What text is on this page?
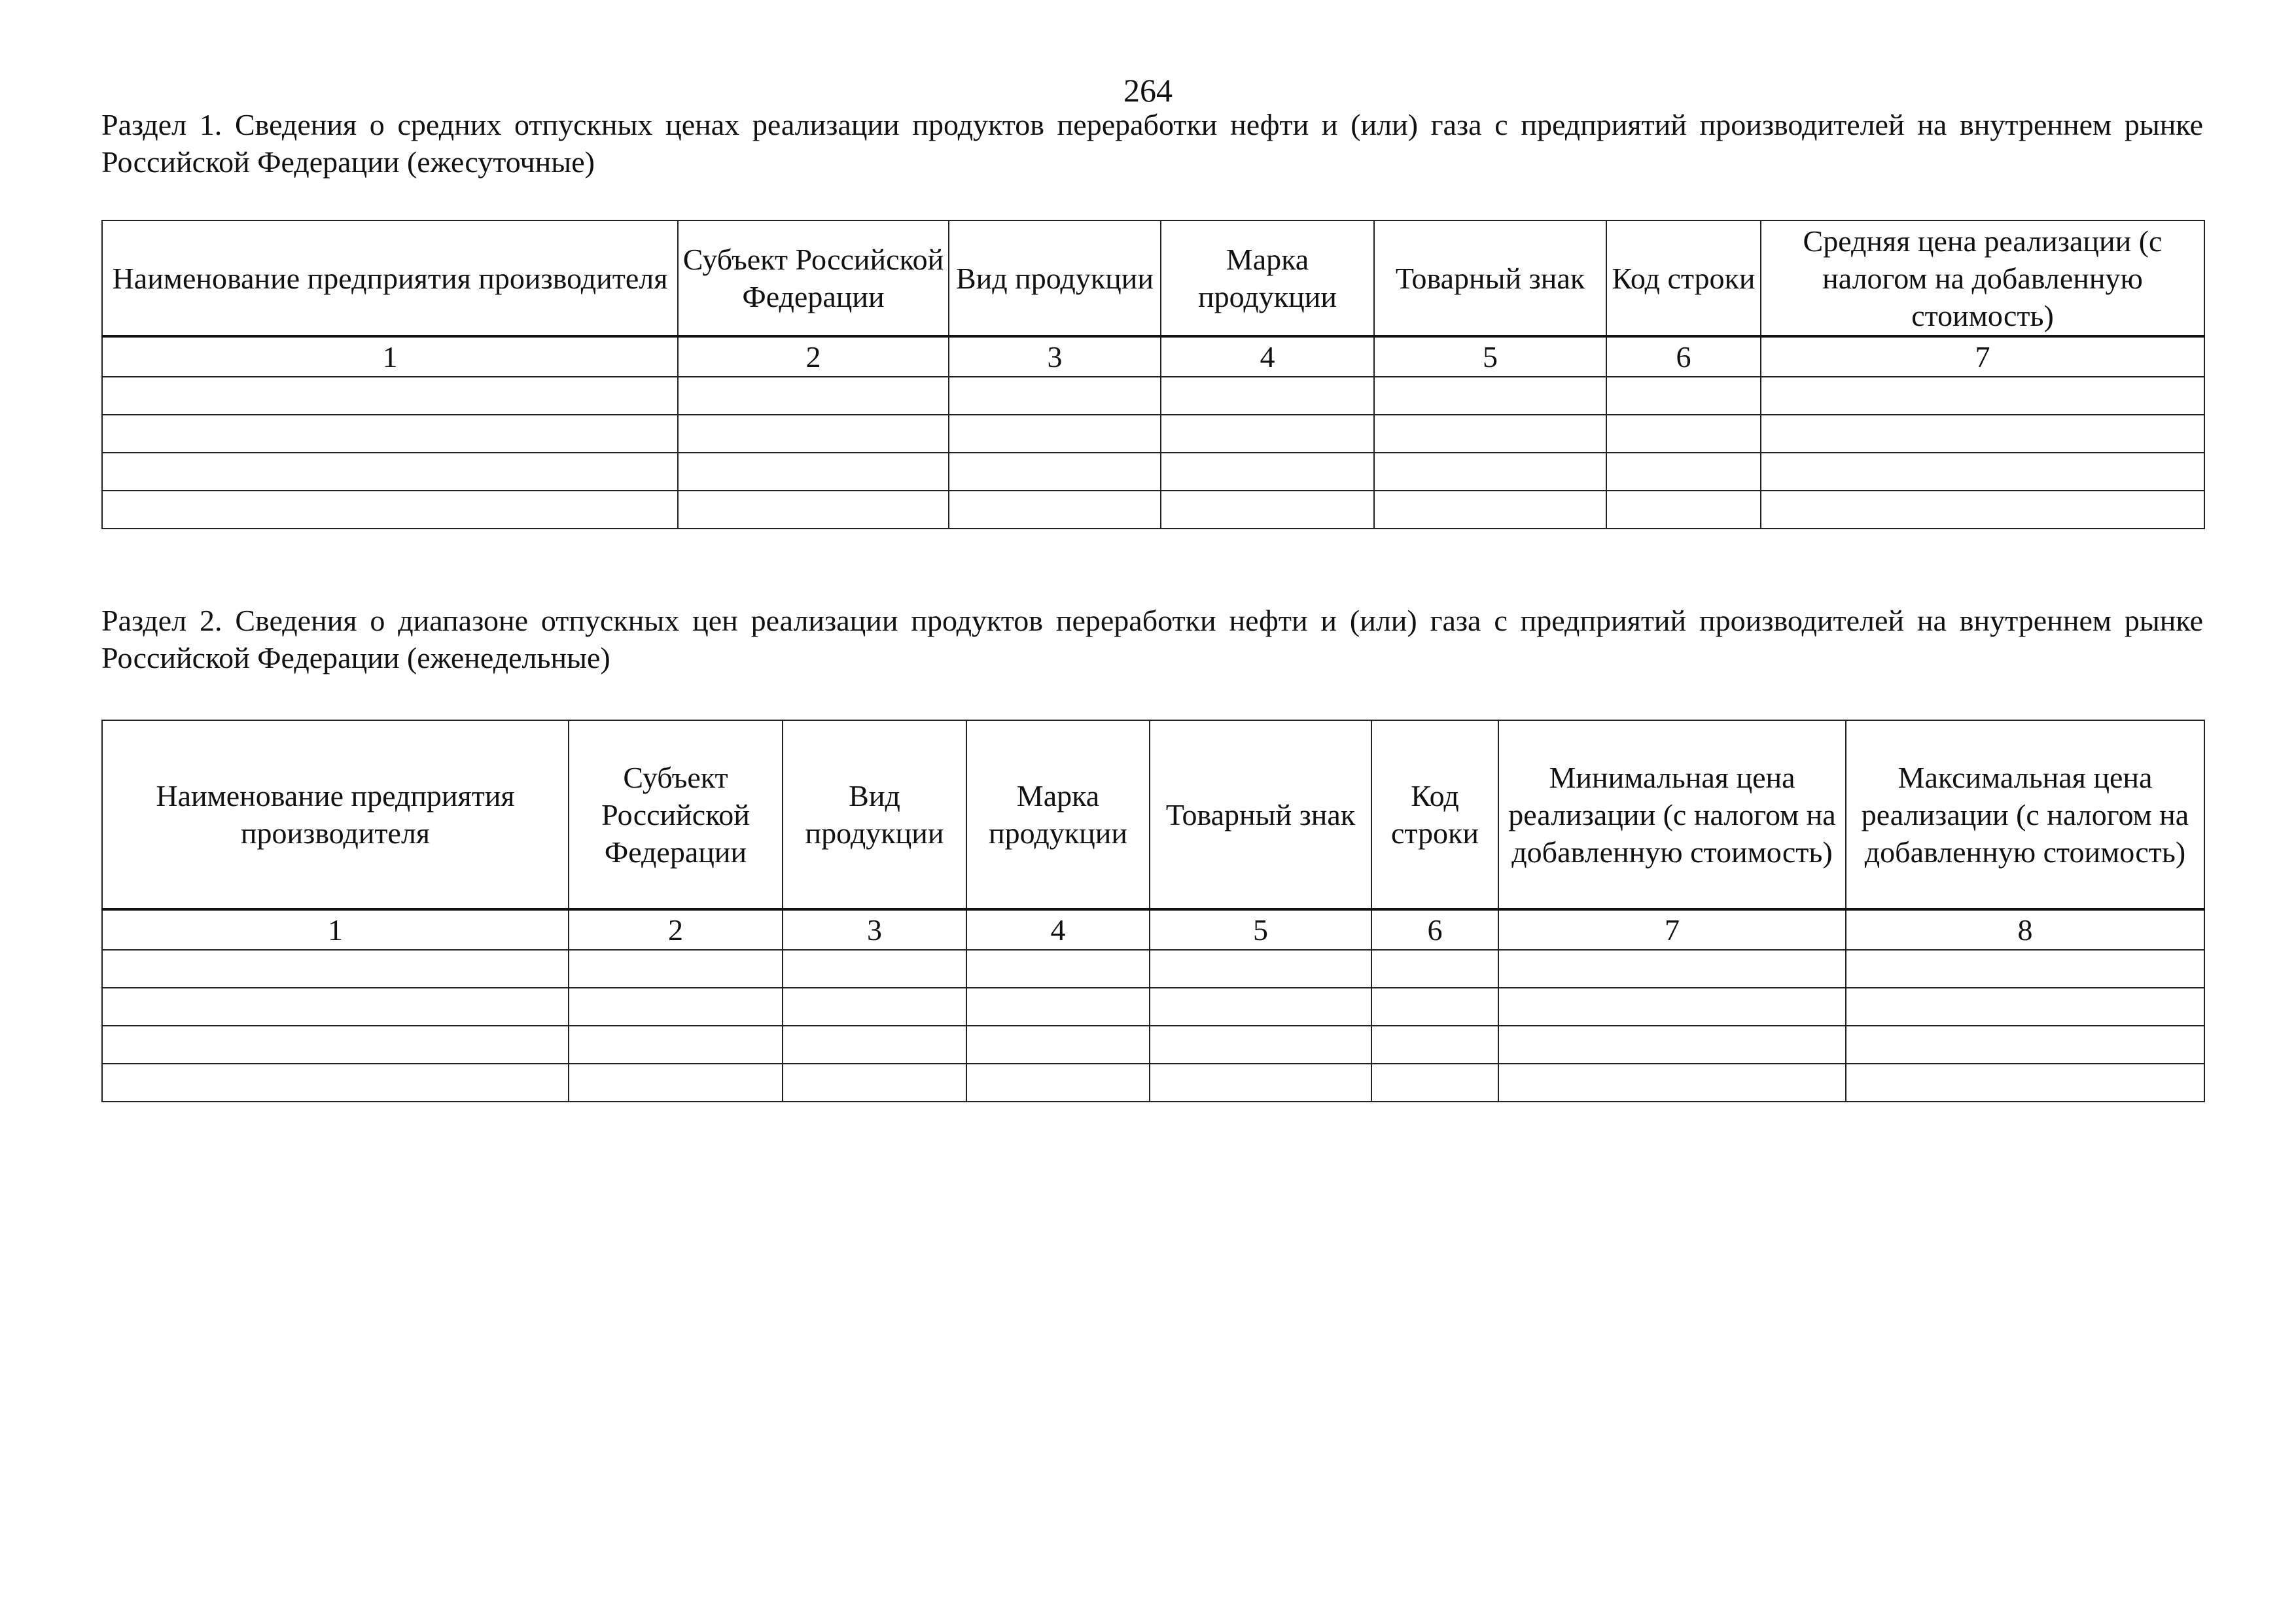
264
Раздел 1. Сведения о средних отпускных ценах реализации продуктов переработки нефти и (или) газа с предприятий производителей на внутреннем рынке Российской Федерации (ежесуточные)
Наименование предприятия производителя	Субъект Российской Федерации	Вид продукции	Марка продукции	Товарный знак	Код строки	Средняя цена реализации (с налогом на добавленную стоимость)
1	2	3	4	5	6	7

Раздел 2. Сведения о диапазоне отпускных цен реализации продуктов переработки нефти и (или) газа с предприятий производителей на внутреннем рынке Российской Федерации (еженедельные)
Наименование предприятия производителя	Субъект Российской Федерации	Вид продукции	Марка продукции	Товарный знак	Код строки	Минимальная цена реализации (с налогом на добавленную стоимость)	Максимальная цена реализации (с налогом на добавленную стоимость)
1	2	3	4	5	6	7	8
